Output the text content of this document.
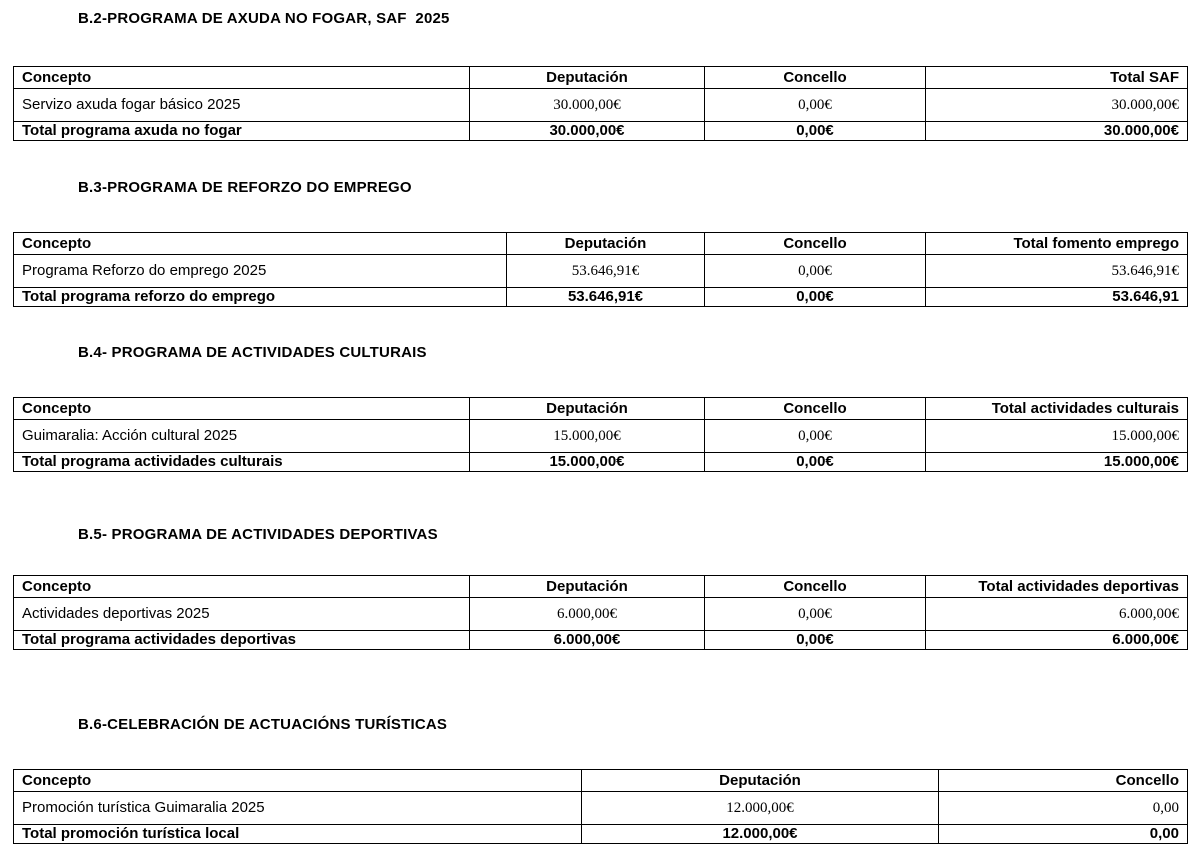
B.2-PROGRAMA DE AXUDA NO FOGAR, SAF  2025
Concepto	Deputación	Concello	Total SAF
Servizo axuda fogar básico 2025	30.000,00€	0,00€	30.000,00€
Total programa axuda no fogar	30.000,00€	0,00€	30.000,00€
B.3-PROGRAMA DE REFORZO DO EMPREGO
Concepto	Deputación	Concello	Total fomento emprego
Programa Reforzo do emprego 2025	53.646,91€	0,00€	53.646,91€
Total programa reforzo do emprego	53.646,91€	0,00€	53.646,91
B.4- PROGRAMA DE ACTIVIDADES CULTURAIS
Concepto	Deputación	Concello	Total actividades culturais
Guimaralia: Acción cultural 2025	15.000,00€	0,00€	15.000,00€
Total programa actividades culturais	15.000,00€	0,00€	15.000,00€
B.5- PROGRAMA DE ACTIVIDADES DEPORTIVAS
Concepto	Deputación	Concello	Total actividades deportivas
Actividades deportivas 2025	6.000,00€	0,00€	6.000,00€
Total programa actividades deportivas	6.000,00€	0,00€	6.000,00€
B.6-CELEBRACIÓN DE ACTUACIÓNS TURÍSTICAS
Concepto	Deputación	Concello
Promoción turística Guimaralia 2025	12.000,00€	0,00
Total promoción turística local	12.000,00€	0,00
